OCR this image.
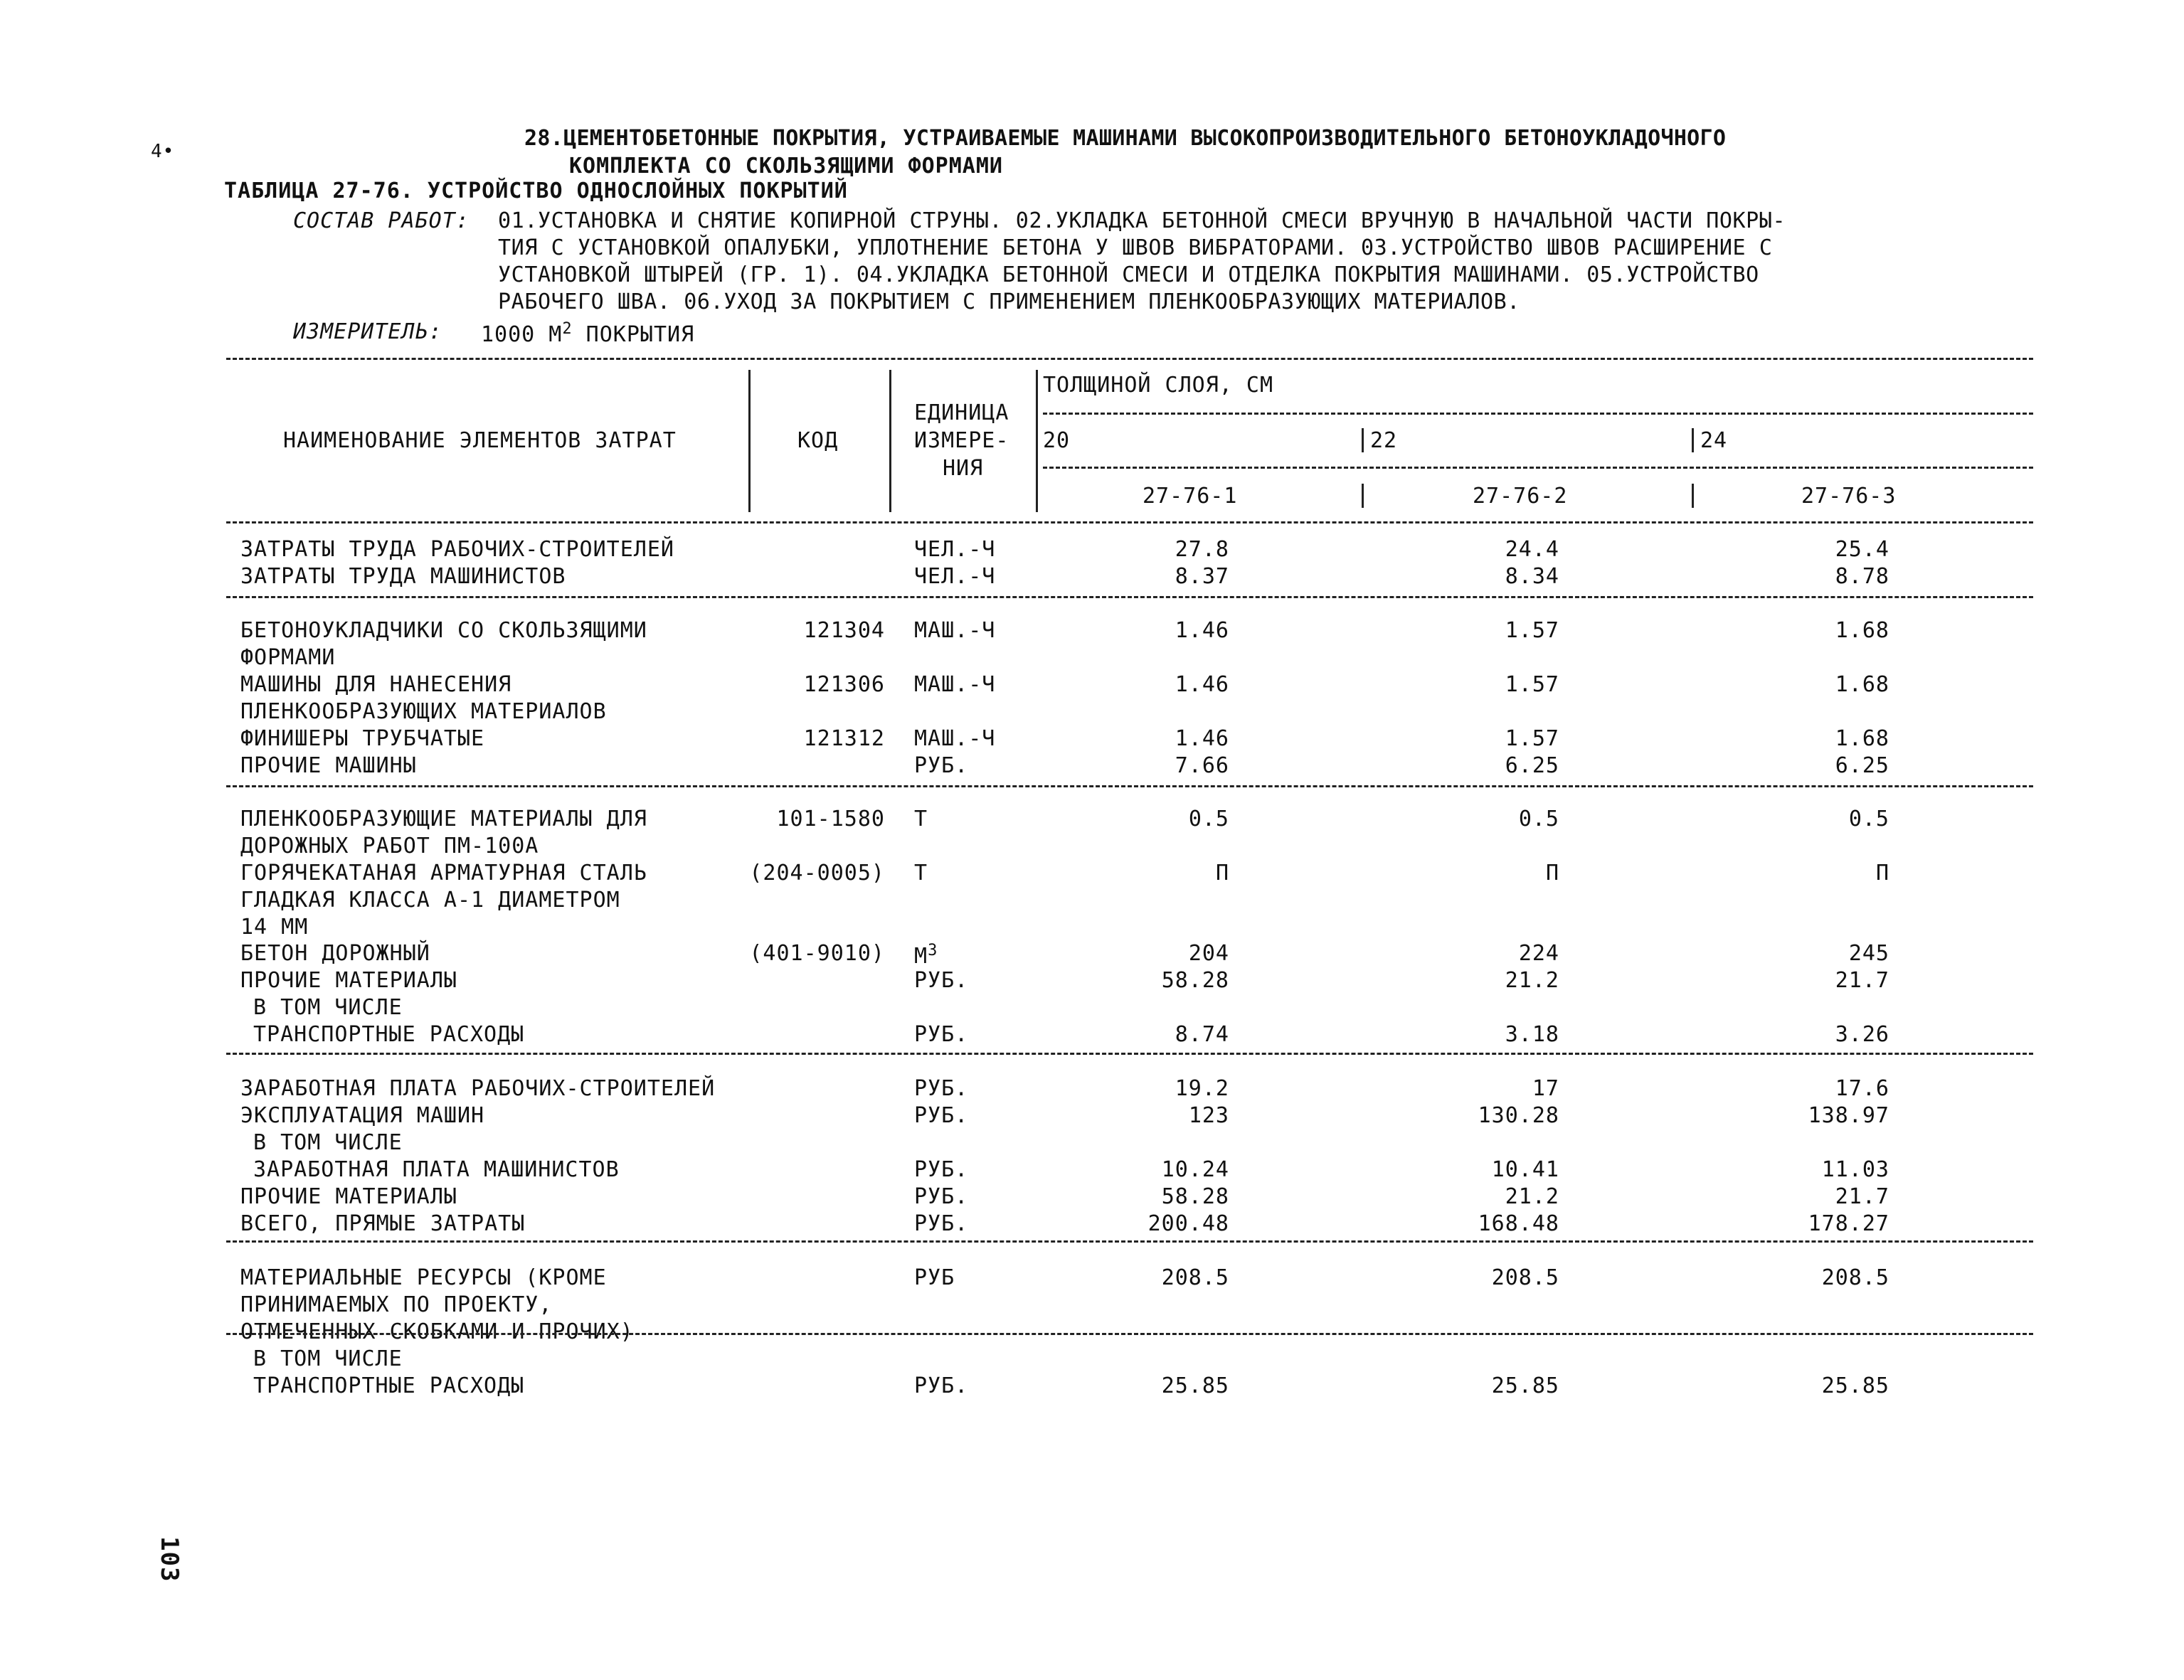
4•
28.ЦЕМЕНТОБЕТОННЫЕ ПОКРЫТИЯ, УСТРАИВАЕМЫЕ МАШИНАМИ ВЫСОКОПРОИЗВОДИТЕЛЬНОГО БЕТОНОУКЛАДОЧНОГО
КОМПЛЕКТА СО СКОЛЬЗЯЩИМИ ФОРМАМИ
ТАБЛИЦА 27-76. УСТРОЙСТВО ОДНОСЛОЙНЫХ ПОКРЫТИЙ
СОСТАВ РАБОТ: 01.УСТАНОВКА И СНЯТИЕ КОПИРНОЙ СТРУНЫ. 02.УКЛАДКА БЕТОННОЙ СМЕСИ ВРУЧНУЮ В НАЧАЛЬНОЙ ЧАСТИ ПОКРЫ-
ТИЯ С УСТАНОВКОЙ ОПАЛУБКИ, УПЛОТНЕНИЕ БЕТОНА У ШВОВ ВИБРАТОРАМИ. 03.УСТРОЙСТВО ШВОВ РАСШИРЕНИЕ С
УСТАНОВКОЙ ШТЫРЕЙ (ГР. 1). 04.УКЛАДКА БЕТОННОЙ СМЕСИ И ОТДЕЛКА ПОКРЫТИЯ МАШИНАМИ. 05.УСТРОЙСТВО
РАБОЧЕГО ШВА. 06.УХОД ЗА ПОКРЫТИЕМ С ПРИМЕНЕНИЕМ ПЛЕНКООБРАЗУЮЩИХ МАТЕРИАЛОВ.
ИЗМЕРИТЕЛЬ: 1000 $М^2$ ПОКРЫТИЯ
ТОЛЩИНОЙ СЛОЯ, СМ
НАИМЕНОВАНИЕ ЭЛЕМЕНТОВ ЗАТРАТ	КОД
ЕДИНИЦА
ИЗМЕРЕ-
НИЯ
20	22	24
27-76-1	27-76-2	27-76-3
ЗАТРАТЫ ТРУДА РАБОЧИХ-СТРОИТЕЛЕЙ	ЧЕЛ.-Ч	27.8	24.4	25.4
ЗАТРАТЫ ТРУДА МАШИНИСТОВ	ЧЕЛ.-Ч	8.37	8.34	8.78
БЕТОНОУКЛАДЧИКИ СО СКОЛЬЗЯЩИМИ	121304 МАШ.-Ч	1.46	1.57	1.68
ФОРМАМИ
МАШИНЫ ДЛЯ НАНЕСЕНИЯ	121306 МАШ.-Ч	1.46	1.57	1.68
ПЛЕНКООБРАЗУЮЩИХ МАТЕРИАЛОВ
ФИНИШЕРЫ ТРУБЧАТЫЕ	121312 МАШ.-Ч	1.46	1.57	1.68
ПРОЧИЕ МАШИНЫ	РУБ.	7.66	6.25	6.25
ПЛЕНКООБРАЗУЮЩИЕ МАТЕРИАЛЫ ДЛЯ	101-1580 Т	0.5	0.5	0.5
ДОРОЖНЫХ РАБОТ ПМ-100А
ГОРЯЧЕКАТАНАЯ АРМАТУРНАЯ СТАЛЬ	(204-0005) Т	П	П	П
ГЛАДКАЯ КЛАССА А-1 ДИАМЕТРОМ
14 ММ
БЕТОН ДОРОЖНЫЙ	(401-9010) $М^3$	204	224	245
ПРОЧИЕ МАТЕРИАЛЫ	РУБ.	58.28	21.2	21.7
В ТОМ ЧИСЛЕ
ТРАНСПОРТНЫЕ РАСХОДЫ	РУБ.	8.74	3.18	3.26
ЗАРАБОТНАЯ ПЛАТА РАБОЧИХ-СТРОИТЕЛЕЙ	РУБ.	19.2	17	17.6
ЭКСПЛУАТАЦИЯ МАШИН	РУБ.	123	130.28	138.97
В ТОМ ЧИСЛЕ
ЗАРАБОТНАЯ ПЛАТА МАШИНИСТОВ	РУБ.	10.24	10.41	11.03
ПРОЧИЕ МАТЕРИАЛЫ	РУБ.	58.28	21.2	21.7
ВСЕГО, ПРЯМЫЕ ЗАТРАТЫ	РУБ.	200.48	168.48	178.27
МАТЕРИАЛЬНЫЕ РЕСУРСЫ (КРОМЕ	РУБ	208.5	208.5	208.5
ПРИНИМАЕМЫХ ПО ПРОЕКТУ,
ОТМЕЧЕННЫХ СКОБКАМИ И ПРОЧИХ)
В ТОМ ЧИСЛЕ
ТРАНСПОРТНЫЕ РАСХОДЫ	РУБ.	25.85	25.85	25.85
103
